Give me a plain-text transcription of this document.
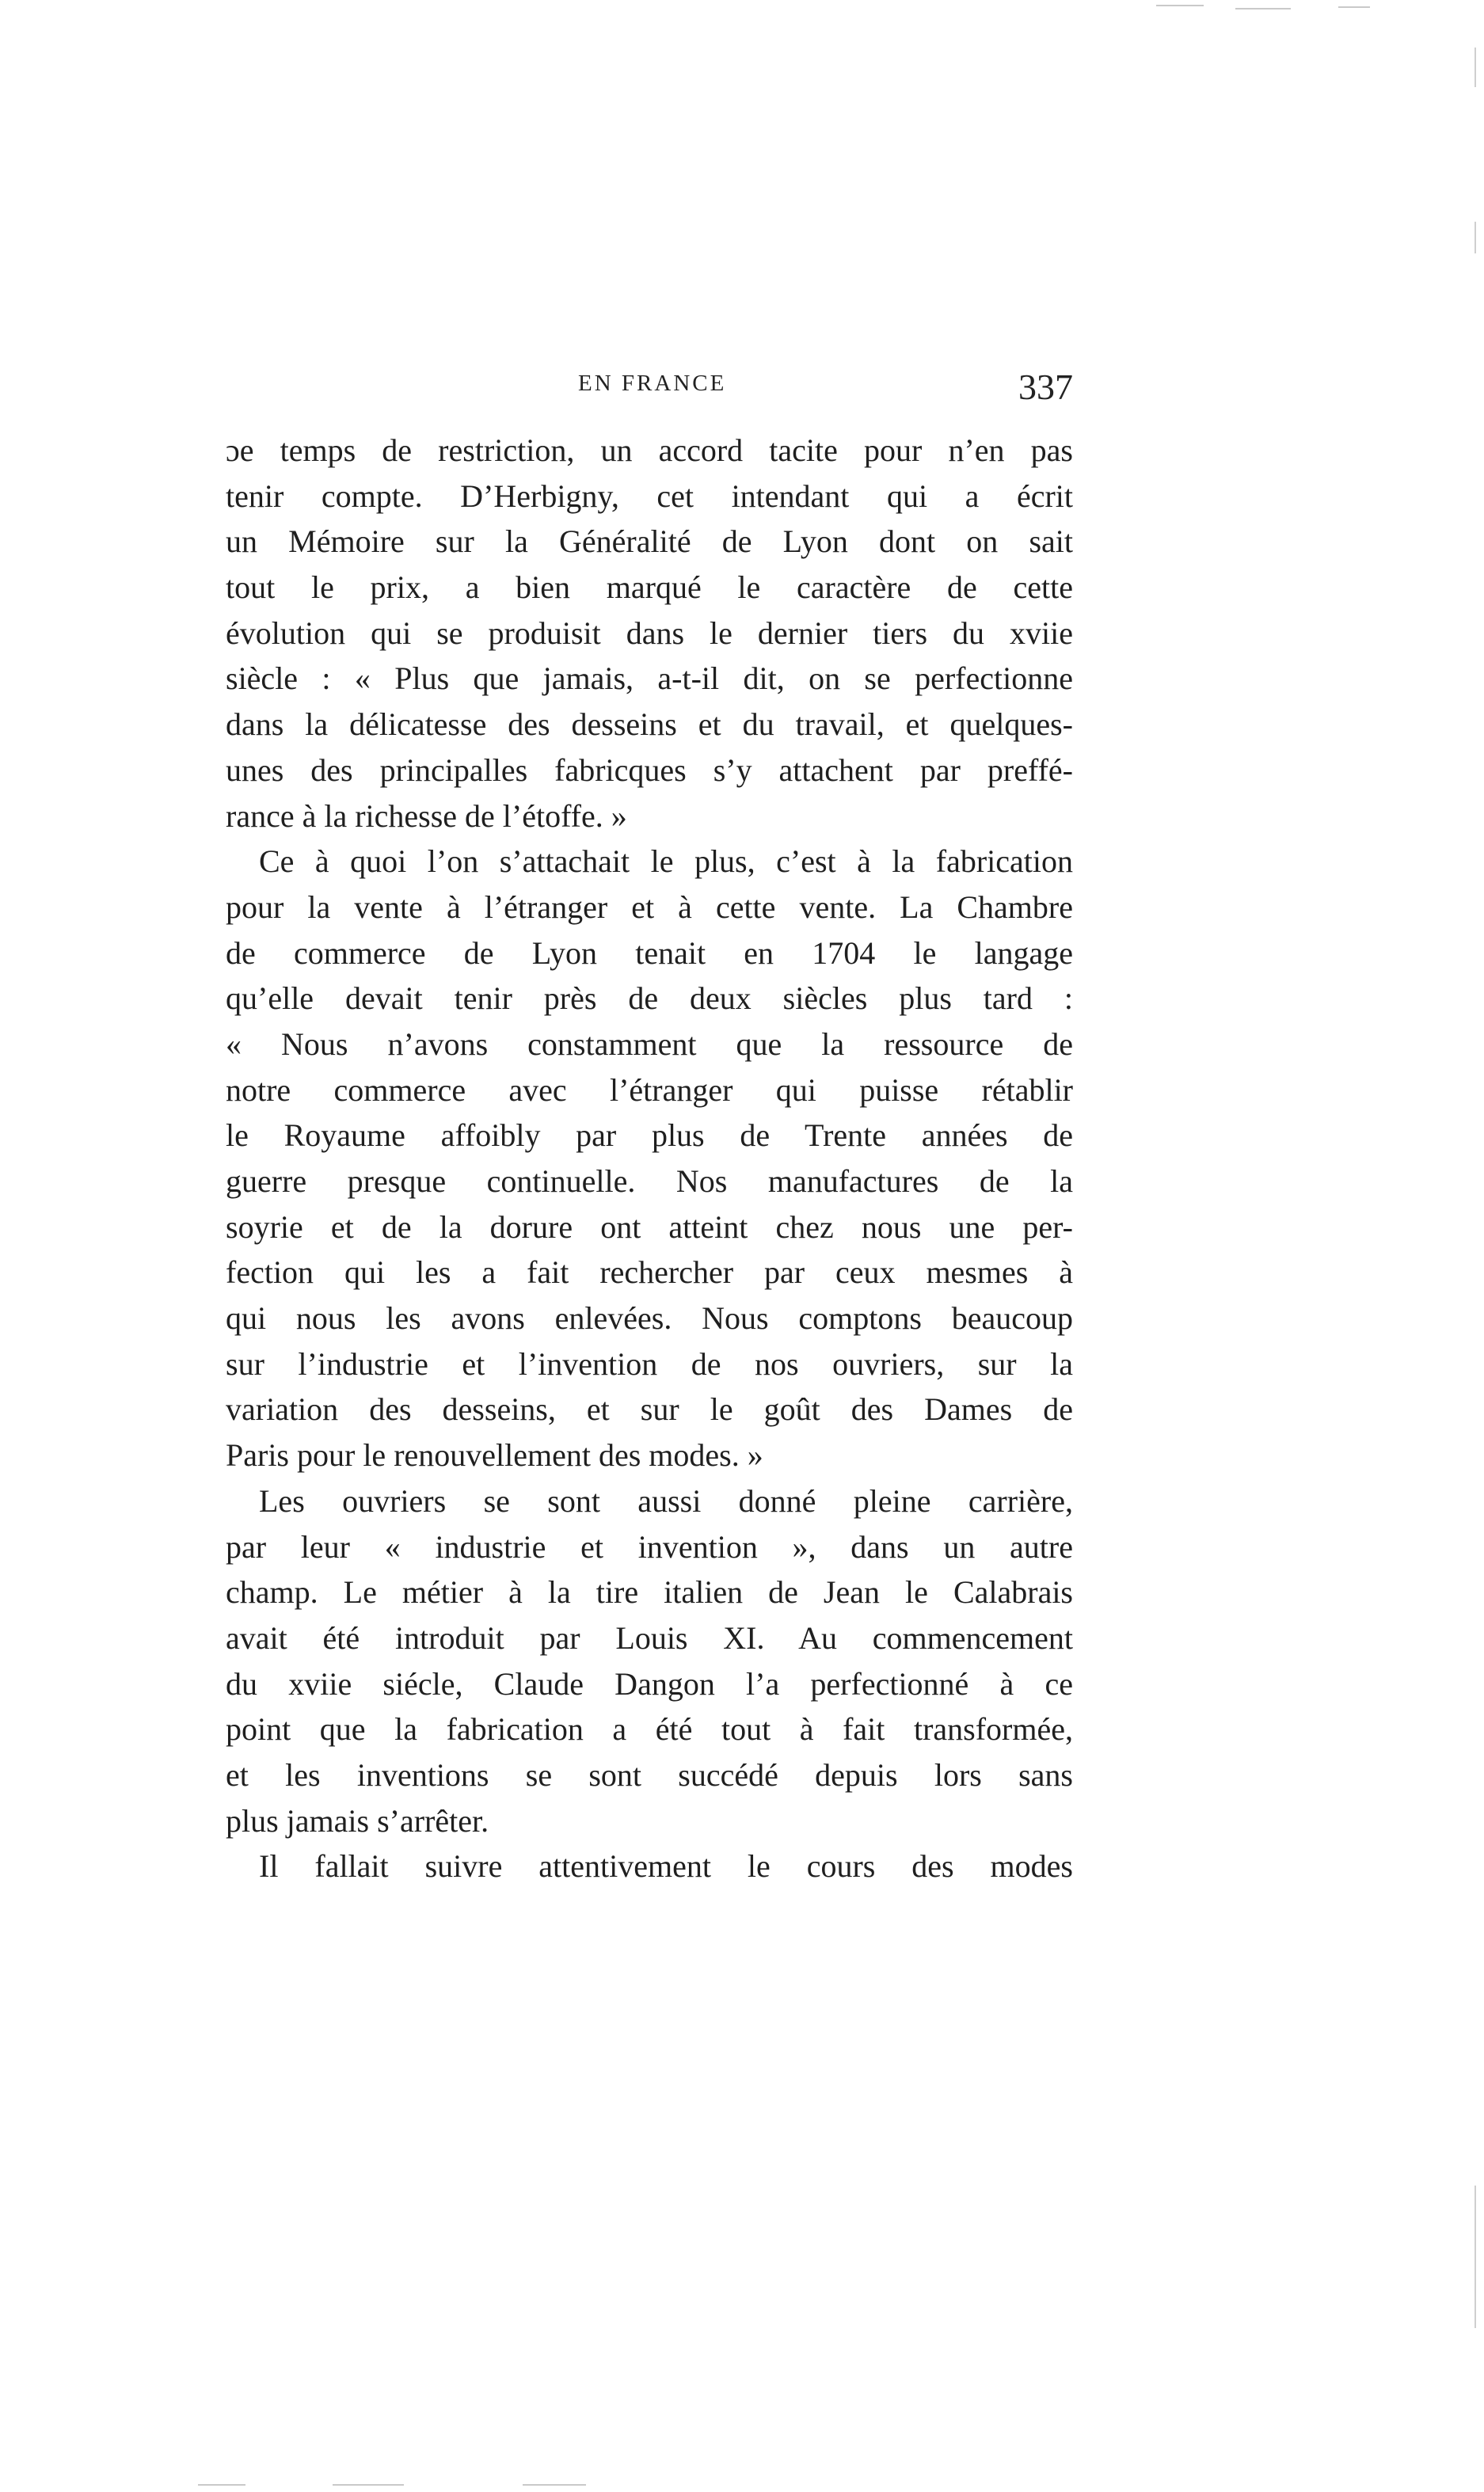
EN FRANCE	337
ɔe temps de restriction, un accord tacite pour n’en pas
tenir compte. D’Herbigny, cet intendant qui a écrit
un Mémoire sur la Généralité de Lyon dont on sait
tout le prix, a bien marqué le caractère de cette
évolution qui se produisit dans le dernier tiers du xviie
siècle : « Plus que jamais, a-t-il dit, on se perfectionne
dans la délicatesse des desseins et du travail, et quelques-
unes des principalles fabricques s’y attachent par preffé-
rance à la richesse de l’étoffe. »
Ce à quoi l’on s’attachait le plus, c’est à la fabrication
pour la vente à l’étranger et à cette vente. La Chambre
de commerce de Lyon tenait en 1704 le langage
qu’elle devait tenir près de deux siècles plus tard :
« Nous n’avons constamment que la ressource de
notre commerce avec l’étranger qui puisse rétablir
le Royaume affoibly par plus de Trente années de
guerre presque continuelle. Nos manufactures de la
soyrie et de la dorure ont atteint chez nous une per-
fection qui les a fait rechercher par ceux mesmes à
qui nous les avons enlevées. Nous comptons beaucoup
sur l’industrie et l’invention de nos ouvriers, sur la
variation des desseins, et sur le goût des Dames de
Paris pour le renouvellement des modes. »
Les ouvriers se sont aussi donné pleine carrière,
par leur « industrie et invention », dans un autre
champ. Le métier à la tire italien de Jean le Calabrais
avait été introduit par Louis XI. Au commencement
du xviie siécle, Claude Dangon l’a perfectionné à ce
point que la fabrication a été tout à fait transformée,
et les inventions se sont succédé depuis lors sans
plus jamais s’arrêter.
Il fallait suivre attentivement le cours des modes
